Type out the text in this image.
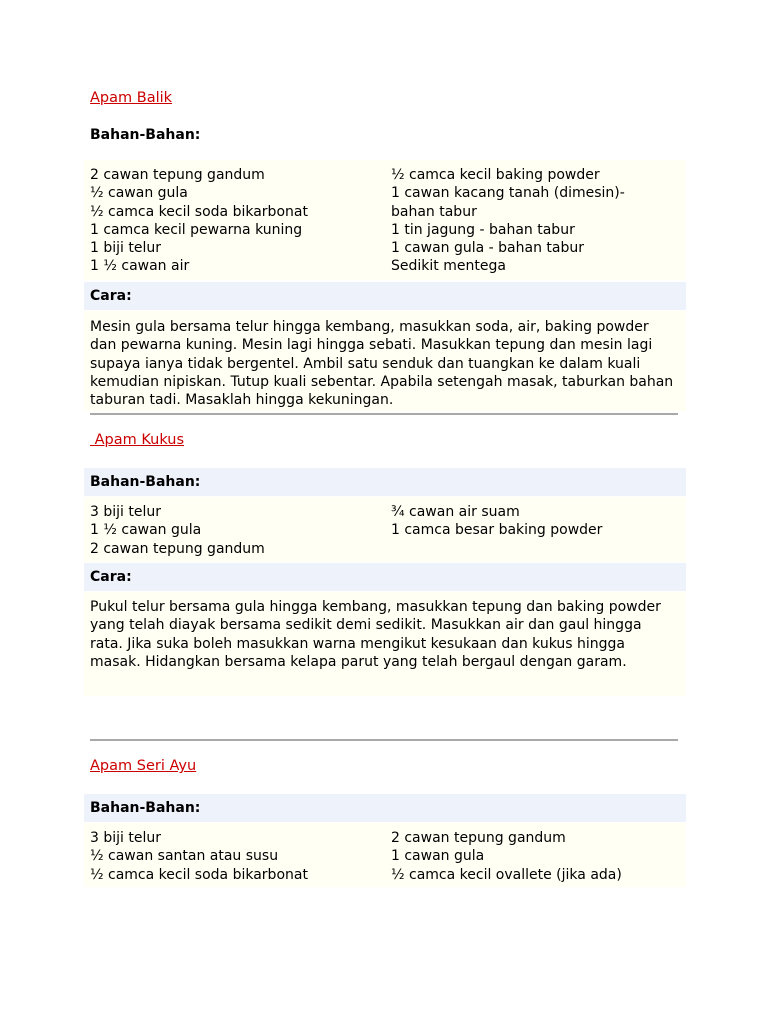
Apam Balik
Bahan-Bahan:
2 cawan tepung gandum
½ cawan gula
½ camca kecil soda bikarbonat
1 camca kecil pewarna kuning
1 biji telur
1 ½ cawan air
½ camca kecil baking powder
1 cawan kacang tanah (dimesin)-
bahan tabur
1 tin jagung - bahan tabur
1 cawan gula - bahan tabur
Sedikit mentega
Cara:
Mesin gula bersama telur hingga kembang, masukkan soda, air, baking powder dan pewarna kuning. Mesin lagi hingga sebati. Masukkan tepung dan mesin lagi supaya ianya tidak bergentel. Ambil satu senduk dan tuangkan ke dalam kuali kemudian nipiskan. Tutup kuali sebentar. Apabila setengah masak, taburkan bahan taburan tadi. Masaklah hingga kekuningan.
Apam Kukus
Bahan-Bahan:
3 biji telur
1 ½ cawan gula
2 cawan tepung gandum
¾ cawan air suam
1 camca besar baking powder
Cara:
Pukul telur bersama gula hingga kembang, masukkan tepung dan baking powder yang telah diayak bersama sedikit demi sedikit. Masukkan air dan gaul hingga rata. Jika suka boleh masukkan warna mengikut kesukaan dan kukus hingga masak. Hidangkan bersama kelapa parut yang telah bergaul dengan garam.
Apam Seri Ayu
Bahan-Bahan:
3 biji telur
½ cawan santan atau susu
½ camca kecil soda bikarbonat
2 cawan tepung gandum
1 cawan gula
½ camca kecil ovallete (jika ada)
